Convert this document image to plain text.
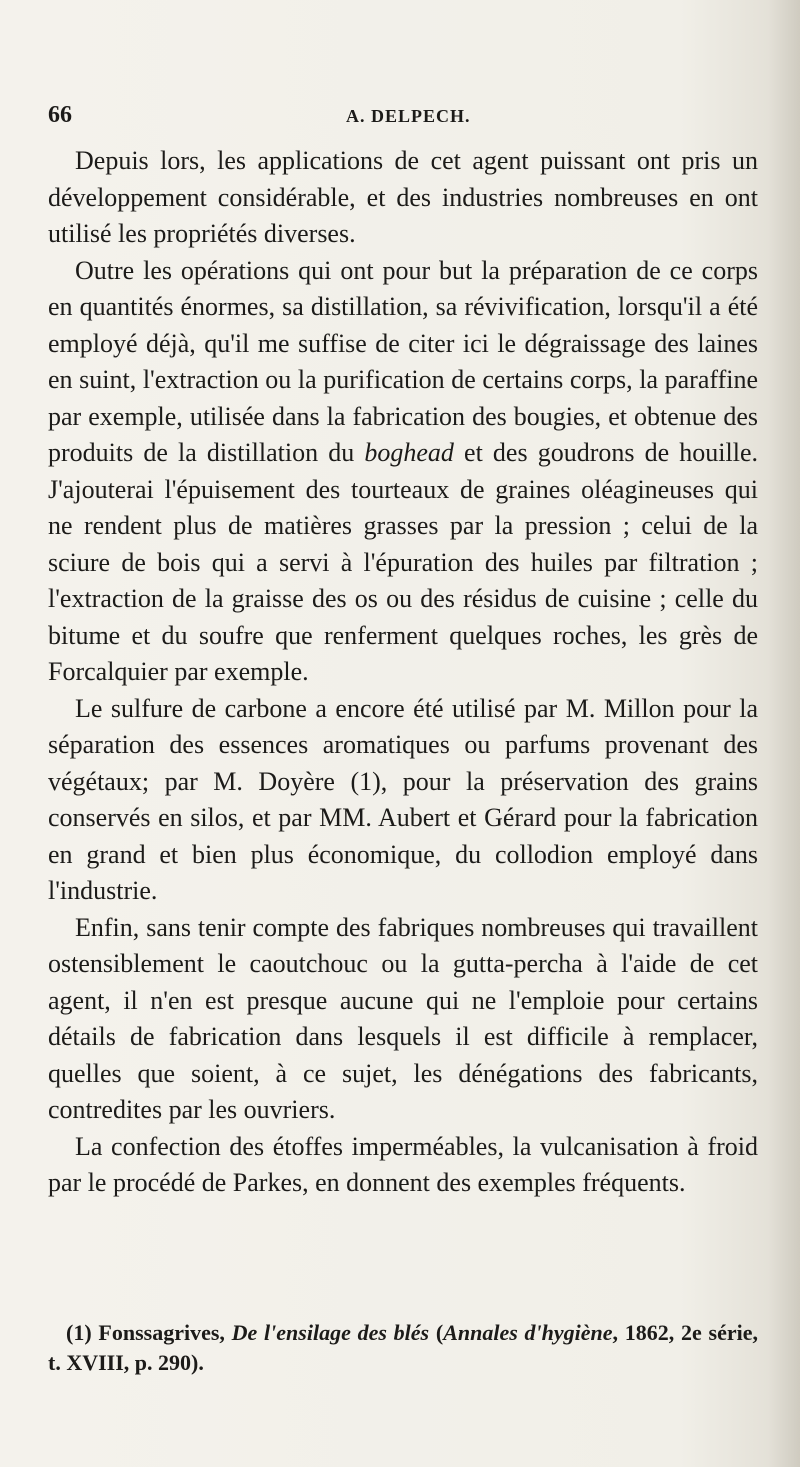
66	A. DELPECH.

Depuis lors, les applications de cet agent puissant ont pris un développement considérable, et des industries nombreuses en ont utilisé les propriétés diverses.

Outre les opérations qui ont pour but la préparation de ce corps en quantités énormes, sa distillation, sa révivification, lorsqu'il a été employé déjà, qu'il me suffise de citer ici le dégraissage des laines en suint, l'extraction ou la purification de certains corps, la paraffine par exemple, utilisée dans la fabrication des bougies, et obtenue des produits de la distillation du boghead et des goudrons de houille. J'ajouterai l'épuisement des tourteaux de graines oléagineuses qui ne rendent plus de matières grasses par la pression ; celui de la sciure de bois qui a servi à l'épuration des huiles par filtration ; l'extraction de la graisse des os ou des résidus de cuisine ; celle du bitume et du soufre que renferment quelques roches, les grès de Forcalquier par exemple.

Le sulfure de carbone a encore été utilisé par M. Millon pour la séparation des essences aromatiques ou parfums provenant des végétaux; par M. Doyère (1), pour la préservation des grains conservés en silos, et par MM. Aubert et Gérard pour la fabrication en grand et bien plus économique, du collodion employé dans l'industrie.

Enfin, sans tenir compte des fabriques nombreuses qui travaillent ostensiblement le caoutchouc ou la gutta-percha à l'aide de cet agent, il n'en est presque aucune qui ne l'emploie pour certains détails de fabrication dans lesquels il est difficile à remplacer, quelles que soient, à ce sujet, les dénégations des fabricants, contredites par les ouvriers.

La confection des étoffes imperméables, la vulcanisation à froid par le procédé de Parkes, en donnent des exemples fréquents.

(1) Fonssagrives, De l'ensilage des blés (Annales d'hygiène, 1862, 2e série, t. XVIII, p. 290).
